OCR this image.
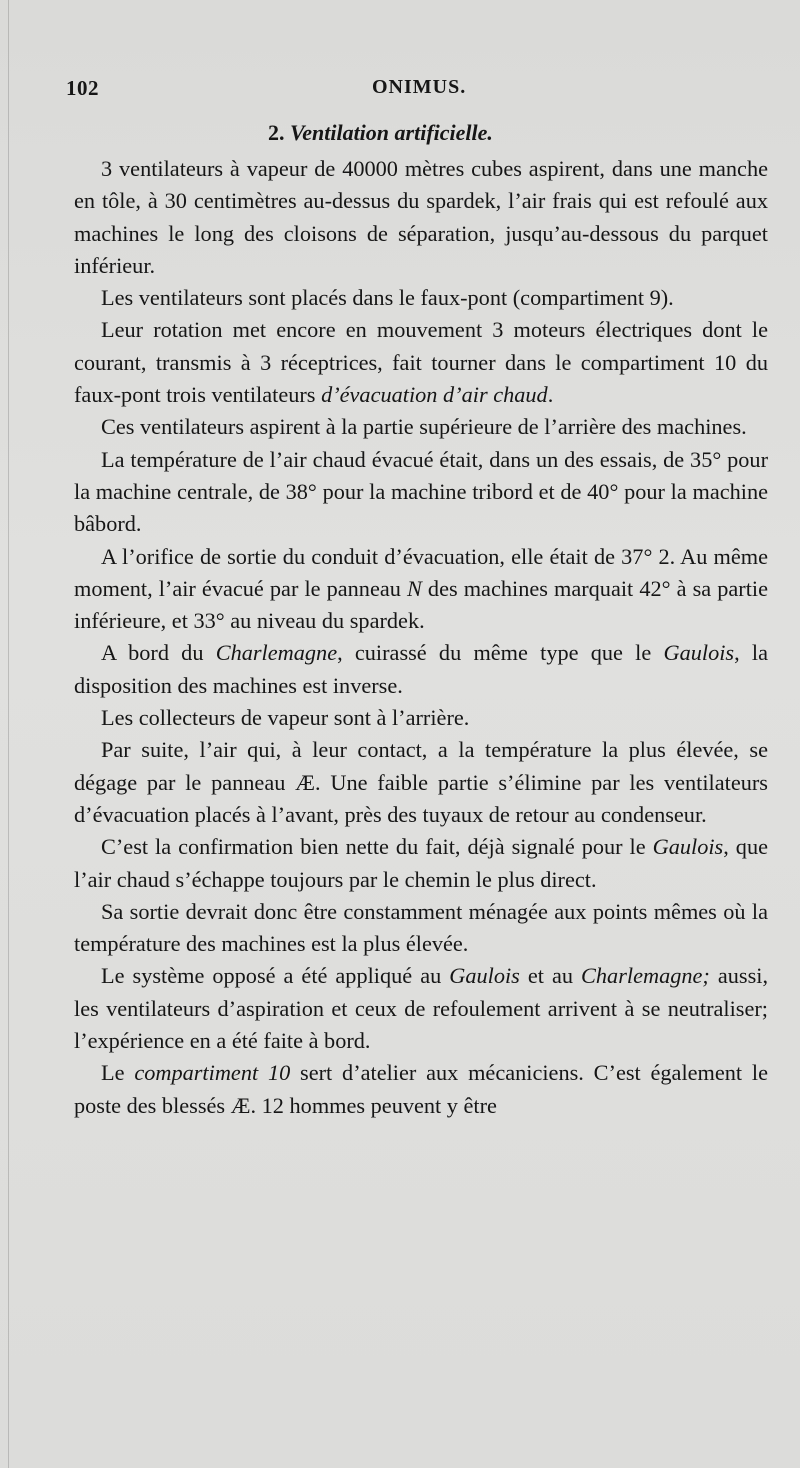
102	ONIMUS.
2. Ventilation artificielle.

3 ventilateurs à vapeur de 40000 mètres cubes aspirent, dans une manche en tôle, à 30 centimètres au-dessus du spardek, l’air frais qui est refoulé aux machines le long des cloisons de séparation, jusqu’au-dessous du parquet inférieur.

Les ventilateurs sont placés dans le faux-pont (compartiment 9).

Leur rotation met encore en mouvement 3 moteurs électriques dont le courant, transmis à 3 réceptrices, fait tourner dans le compartiment 10 du faux-pont trois ventilateurs d’évacuation d’air chaud.

Ces ventilateurs aspirent à la partie supérieure de l’arrière des machines.

La température de l’air chaud évacué était, dans un des essais, de 35° pour la machine centrale, de 38° pour la machine tribord et de 40° pour la machine bâbord.

A l’orifice de sortie du conduit d’évacuation, elle était de 37° 2. Au même moment, l’air évacué par le panneau N des machines marquait 42° à sa partie inférieure, et 33° au niveau du spardek.

A bord du Charlemagne, cuirassé du même type que le Gaulois, la disposition des machines est inverse.

Les collecteurs de vapeur sont à l’arrière.

Par suite, l’air qui, à leur contact, a la température la plus élevée, se dégage par le panneau Æ. Une faible partie s’élimine par les ventilateurs d’évacuation placés à l’avant, près des tuyaux de retour au condenseur.

C’est la confirmation bien nette du fait, déjà signalé pour le Gaulois, que l’air chaud s’échappe toujours par le chemin le plus direct.

Sa sortie devrait donc être constamment ménagée aux points mêmes où la température des machines est la plus élevée.

Le système opposé a été appliqué au Gaulois et au Charlemagne; aussi, les ventilateurs d’aspiration et ceux de refoulement arrivent à se neutraliser; l’expérience en a été faite à bord.

Le compartiment 10 sert d’atelier aux mécaniciens. C’est également le poste des blessés Æ. 12 hommes peuvent y être
